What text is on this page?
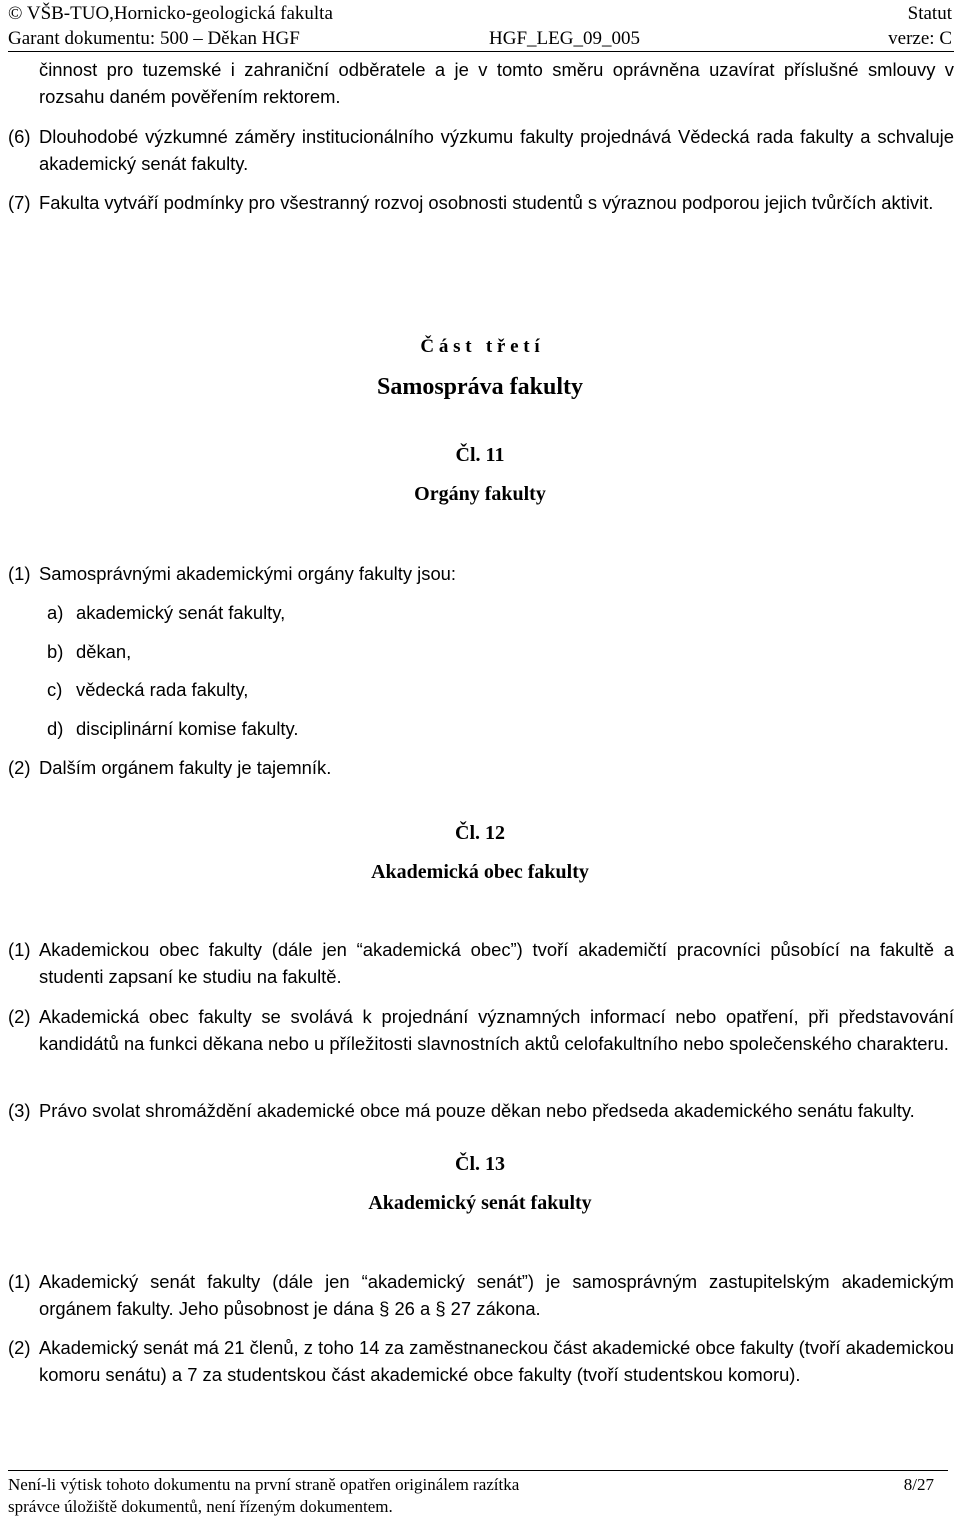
© VŠB-TUO,Hornicko-geologická fakulta	Statut
Garant dokumentu: 500 – Děkan HGF	HGF_LEG_09_005	verze: C
činnost pro tuzemské i zahraniční odběratele a je v tomto směru oprávněna uzavírat příslušné smlouvy v rozsahu daném pověřením rektorem.
(6) Dlouhodobé výzkumné záměry institucionálního výzkumu fakulty projednává Vědecká rada fakulty a schvaluje akademický senát fakulty.
(7) Fakulta vytváří podmínky pro všestranný rozvoj osobnosti studentů s výraznou podporou jejich tvůrčích aktivit.
Č á s t   t ř e t í
Samospráva fakulty
Čl. 11
Orgány fakulty
(1) Samosprávnými akademickými orgány fakulty jsou:
a) akademický senát fakulty,
b) děkan,
c) vědecká rada fakulty,
d) disciplinární komise fakulty.
(2) Dalším orgánem fakulty je tajemník.
Čl. 12
Akademická obec fakulty
(1) Akademickou obec fakulty (dále jen “akademická obec”) tvoří akademičtí pracovníci působící na fakultě a studenti zapsaní ke studiu na fakultě.
(2) Akademická obec fakulty se svolává k projednání významných informací nebo opatření, při představování kandidátů na funkci děkana nebo u příležitosti slavnostních aktů celofakultního nebo společenského charakteru.
(3) Právo svolat shromáždění akademické obce má pouze děkan nebo předseda akademického senátu fakulty.
Čl. 13
Akademický senát fakulty
(1) Akademický senát fakulty (dále jen “akademický senát”) je samosprávným zastupitelským akademickým orgánem fakulty. Jeho působnost je dána § 26 a § 27 zákona.
(2) Akademický senát má 21 členů, z toho 14 za zaměstnaneckou část akademické obce fakulty (tvoří akademickou komoru senátu) a 7 za studentskou část akademické obce fakulty (tvoří studentskou komoru).
Není-li výtisk tohoto dokumentu na první straně opatřen originálem razítka	8/27
správce úložiště dokumentů, není řízeným dokumentem.
